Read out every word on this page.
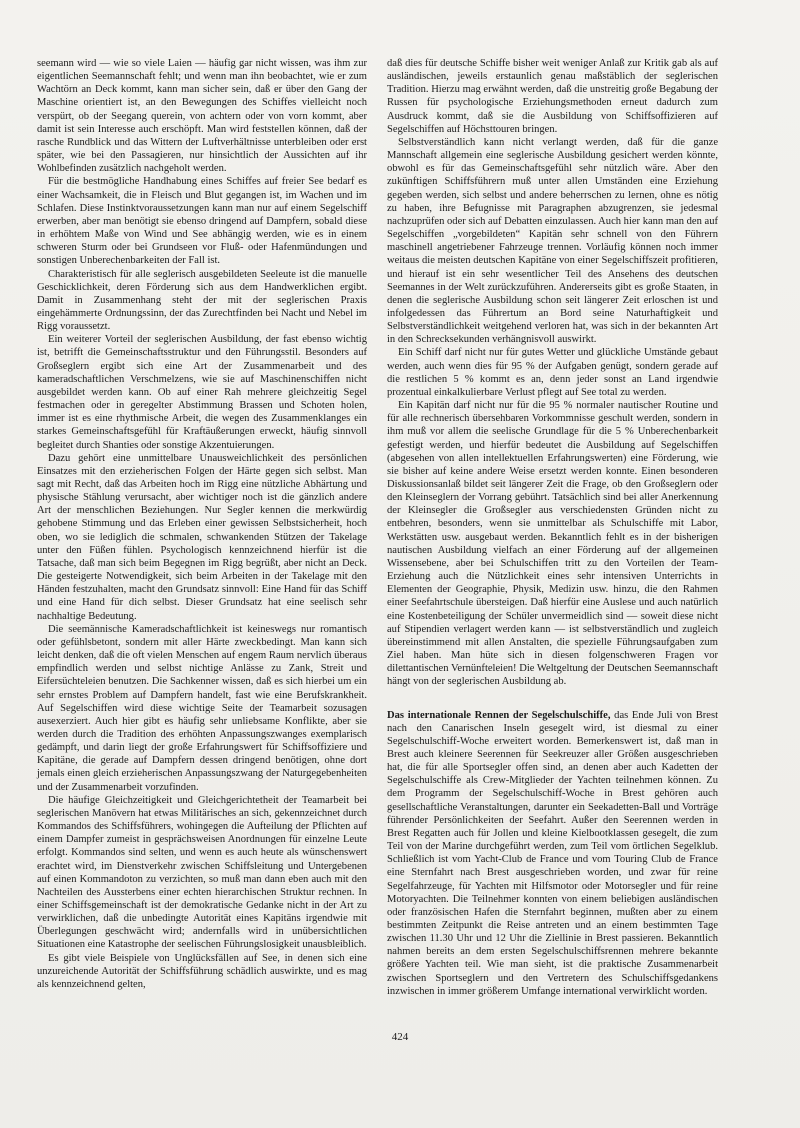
seemann wird — wie so viele Laien — häufig gar nicht wissen, was ihm zur eigentlichen Seemannschaft fehlt; und wenn man ihn beobachtet, wie er zum Wachtörn an Deck kommt, kann man sicher sein, daß er über den Gang der Maschine orientiert ist, an den Bewegungen des Schiffes vielleicht noch verspürt, ob der Seegang querein, von achtern oder von vorn kommt, aber damit ist sein Interesse auch erschöpft. Man wird feststellen können, daß der rasche Rundblick und das Wittern der Luftverhältnisse unterbleiben oder erst später, wie bei den Passagieren, nur hinsichtlich der Aussichten auf ihr Wohlbefinden zusätzlich nachgeholt werden.

Für die bestmögliche Handhabung eines Schiffes auf freier See bedarf es einer Wachsamkeit, die in Fleisch und Blut gegangen ist, im Wachen und im Schlafen. Diese Instinktvoraussetzungen kann man nur auf einem Segelschiff erwerben, aber man benötigt sie ebenso dringend auf Dampfern, sobald diese in erhöhtem Maße von Wind und See abhängig werden, wie es in einem schweren Sturm oder bei Grundseen vor Fluß- oder Hafenmündungen und sonstigen Unberechenbarkeiten der Fall ist.

Charakteristisch für alle seglerisch ausgebildeten Seeleute ist die manuelle Geschicklichkeit, deren Förderung sich aus dem Handwerklichen ergibt. Damit in Zusammenhang steht der mit der seglerischen Praxis eingehämmerte Ordnungssinn, der das Zurechtfinden bei Nacht und Nebel im Rigg voraussetzt.

Ein weiterer Vorteil der seglerischen Ausbildung, der fast ebenso wichtig ist, betrifft die Gemeinschaftsstruktur und den Führungsstil. Besonders auf Großseglern ergibt sich eine Art der Zusammenarbeit und des kameradschaftlichen Verschmelzens, wie sie auf Maschinenschiffen nicht ausgebildet werden kann. Ob auf einer Rah mehrere gleichzeitig Segel festmachen oder in geregelter Abstimmung Brassen und Schoten holen, immer ist es eine rhythmische Arbeit, die wegen des Zusammenklanges ein starkes Gemeinschaftsgefühl für Kraftäußerungen erweckt, häufig sinnvoll begleitet durch Shanties oder sonstige Akzentuierungen.

Dazu gehört eine unmittelbare Unausweichlichkeit des persönlichen Einsatzes mit den erzieherischen Folgen der Härte gegen sich selbst. Man sagt mit Recht, daß das Arbeiten hoch im Rigg eine nützliche Abhärtung und physische Stählung verursacht, aber wichtiger noch ist die gänzlich andere Art der menschlichen Beziehungen. Nur Segler kennen die merkwürdig gehobene Stimmung und das Erleben einer gewissen Selbstsicherheit, hoch oben, wo sie lediglich die schmalen, schwankenden Stützen der Takelage unter den Füßen fühlen. Psychologisch kennzeichnend hierfür ist die Tatsache, daß man sich beim Begegnen im Rigg begrüßt, aber nicht an Deck. Die gesteigerte Notwendigkeit, sich beim Arbeiten in der Takelage mit den Händen festzuhalten, macht den Grundsatz sinnvoll: Eine Hand für das Schiff und eine Hand für dich selbst. Dieser Grundsatz hat eine seelisch sehr nachhaltige Bedeutung.

Die seemännische Kameradschaftlichkeit ist keineswegs nur romantisch oder gefühlsbetont, sondern mit aller Härte zweckbedingt. Man kann sich leicht denken, daß die oft vielen Menschen auf engem Raum nervlich überaus empfindlich werden und selbst nichtige Anlässe zu Zank, Streit und Eifersüchteleien benutzen. Die Sachkenner wissen, daß es sich hierbei um ein sehr ernstes Problem auf Dampfern handelt, fast wie eine Berufskrankheit. Auf Segelschiffen wird diese wichtige Seite der Teamarbeit sozusagen ausexerziert. Auch hier gibt es häufig sehr unliebsame Konflikte, aber sie werden durch die Tradition des erhöhten Anpassungszwanges exemplarisch gedämpft, und darin liegt der große Erfahrungswert für Schiffsoffiziere und Kapitäne, die gerade auf Dampfern dessen dringend benötigen, ohne dort jemals einen gleich erzieherischen Anpassungszwang der Naturgegebenheiten und der Zusammenarbeit vorzufinden.

Die häufige Gleichzeitigkeit und Gleichgerichtetheit der Teamarbeit bei seglerischen Manövern hat etwas Militärisches an sich, gekennzeichnet durch Kommandos des Schiffsführers, wohingegen die Aufteilung der Pflichten auf einem Dampfer zumeist in gesprächsweisen Anordnungen für einzelne Leute erfolgt. Kommandos sind selten, und wenn es auch heute als wünschenswert erachtet wird, im Dienstverkehr zwischen Schiffsleitung und Untergebenen auf einen Kommandoton zu verzichten, so muß man dann eben auch mit den Nachteilen des Aussterbens einer echten hierarchischen Struktur rechnen. In einer Schiffsgemeinschaft ist der demokratische Gedanke nicht in der Art zu verwirklichen, daß die unbedingte Autorität eines Kapitäns irgendwie mit Überlegungen geschwächt wird; andernfalls wird in unübersichtlichen Situationen eine Katastrophe der seelischen Führungslosigkeit unausbleiblich.

Es gibt viele Beispiele von Unglücksfällen auf See, in denen sich eine unzureichende Autorität der Schiffsführung schädlich auswirkte, und es mag als kennzeichnend gelten,

daß dies für deutsche Schiffe bisher weit weniger Anlaß zur Kritik gab als auf ausländischen, jeweils erstaunlich genau maßstäblich der seglerischen Tradition. Hierzu mag erwähnt werden, daß die unstreitig große Begabung der Russen für psychologische Erziehungsmethoden erneut dadurch zum Ausdruck kommt, daß sie die Ausbildung von Schiffsoffizieren auf Segelschiffen auf Höchsttouren bringen.

Selbstverständlich kann nicht verlangt werden, daß für die ganze Mannschaft allgemein eine seglerische Ausbildung gesichert werden könnte, obwohl es für das Gemeinschaftsgefühl sehr nützlich wäre. Aber den zukünftigen Schiffsführern muß unter allen Umständen eine Erziehung gegeben werden, sich selbst und andere beherrschen zu lernen, ohne es nötig zu haben, ihre Befugnisse mit Paragraphen abzugrenzen, sie jedesmal nachzuprüfen oder sich auf Debatten einzulassen. Auch hier kann man den auf Segelschiffen „vorgebildeten“ Kapitän sehr schnell von den Führern maschinell angetriebener Fahrzeuge trennen. Vorläufig können noch immer weitaus die meisten deutschen Kapitäne von einer Segelschiffszeit profitieren, und hierauf ist ein sehr wesentlicher Teil des Ansehens des deutschen Seemannes in der Welt zurückzuführen. Andererseits gibt es große Staaten, in denen die seglerische Ausbildung schon seit längerer Zeit erloschen ist und infolgedessen das Führertum an Bord seine Naturhaftigkeit und Selbstverständlichkeit weitgehend verloren hat, was sich in der bekannten Art in den Schrecksekunden verhängnisvoll auswirkt.

Ein Schiff darf nicht nur für gutes Wetter und glückliche Umstände gebaut werden, auch wenn dies für 95 % der Aufgaben genügt, sondern gerade auf die restlichen 5 % kommt es an, denn jeder sonst an Land irgendwie prozentual einkalkulierbare Verlust pflegt auf See total zu werden.

Ein Kapitän darf nicht nur für die 95 % normaler nautischer Routine und für alle rechnerisch übersehbaren Vorkommnisse geschult werden, sondern in ihm muß vor allem die seelische Grundlage für die 5 % Unberechenbarkeit gefestigt werden, und hierfür bedeutet die Ausbildung auf Segelschiffen (abgesehen von allen intellektuellen Erfahrungswerten) eine Förderung, wie sie bisher auf keine andere Weise ersetzt werden konnte. Einen besonderen Diskussionsanlaß bildet seit längerer Zeit die Frage, ob den Großseglern oder den Kleinseglern der Vorrang gebührt. Tatsächlich sind bei aller Anerkennung der Kleinsegler die Großsegler aus verschiedensten Gründen nicht zu entbehren, besonders, wenn sie unmittelbar als Schulschiffe mit Labor, Werkstätten usw. ausgebaut werden. Bekanntlich fehlt es in der bisherigen nautischen Ausbildung vielfach an einer Förderung auf der allgemeinen Wissensebene, aber bei Schulschiffen tritt zu den Vorteilen der Team-Erziehung auch die Nützlichkeit eines sehr intensiven Unterrichts in Elementen der Geographie, Physik, Medizin usw. hinzu, die den Rahmen einer Seefahrtschule übersteigen. Daß hierfür eine Auslese und auch natürlich eine Kostenbeteiligung der Schüler unvermeidlich sind — soweit diese nicht auf Stipendien verlagert werden kann — ist selbstverständlich und zugleich übereinstimmend mit allen Anstalten, die spezielle Führungsaufgaben zum Ziel haben. Man hüte sich in diesen folgenschweren Fragen vor dilettantischen Vernünfteleien! Die Weltgeltung der Deutschen Seemannschaft hängt von der seglerischen Ausbildung ab.

Das internationale Rennen der Segelschulschiffe, das Ende Juli von Brest nach den Canarischen Inseln gesegelt wird, ist diesmal zu einer Segelschulschiff-Woche erweitert worden. Bemerkenswert ist, daß man in Brest auch kleinere Seerennen für Seekreuzer aller Größen ausgeschrieben hat, die für alle Sportsegler offen sind, an denen aber auch Kadetten der Segelschulschiffe als Crew-Mitglieder der Yachten teilnehmen können. Zu dem Programm der Segelschulschiff-Woche in Brest gehören auch gesellschaftliche Veranstaltungen, darunter ein Seekadetten-Ball und Vorträge führender Persönlichkeiten der Seefahrt. Außer den Seerennen werden in Brest Regatten auch für Jollen und kleine Kielbootklassen gesegelt, die zum Teil von der Marine durchgeführt werden, zum Teil vom örtlichen Segelklub. Schließlich ist vom Yacht-Club de France und vom Touring Club de France eine Sternfahrt nach Brest ausgeschrieben worden, und zwar für reine Segelfahrzeuge, für Yachten mit Hilfsmotor oder Motorsegler und für reine Motoryachten. Die Teilnehmer konnten von einem beliebigen ausländischen oder französischen Hafen die Sternfahrt beginnen, mußten aber zu einem bestimmten Zeitpunkt die Reise antreten und an einem bestimmten Tage zwischen 11.30 Uhr und 12 Uhr die Ziellinie in Brest passieren. Bekanntlich nahmen bereits an dem ersten Segelschulschiffsrennen mehrere bekannte größere Yachten teil. Wie man sieht, ist die praktische Zusammenarbeit zwischen Sportseglern und den Vertretern des Schulschiffsgedankens inzwischen in immer größerem Umfange international verwirklicht worden.

424
